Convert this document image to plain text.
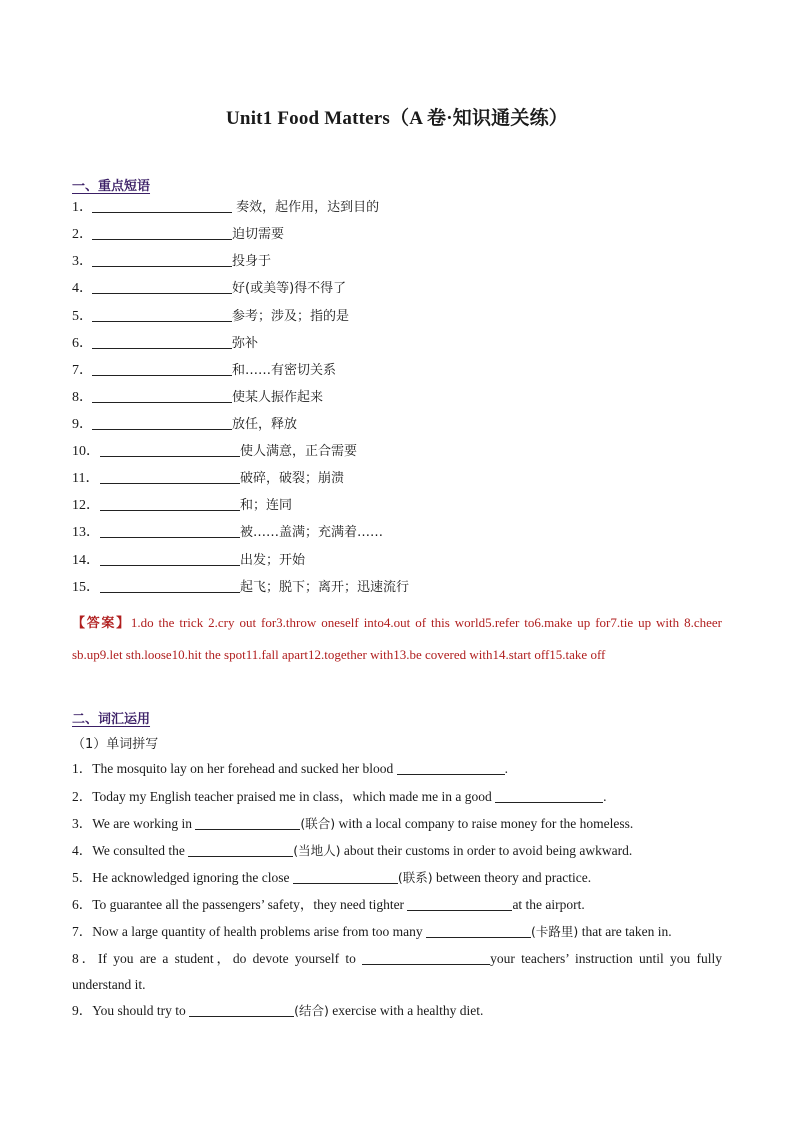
Unit1 Food Matters（A 卷·知识通关练）
一、重点短语
1．	奏效，起作用，达到目的
2．	迫切需要
3．	投身于
4．	好(或美等)得不得了
5．	参考；涉及；指的是
6．	弥补
7．	和……有密切关系
8．	使某人振作起来
9．	放任，释放
10．	使人满意，正合需要
11．	破碎，破裂；崩溃
12．	和；连同
13．	被……盖满；充满着……
14．	出发；开始
15．	起飞；脱下；离开；迅速流行
【答案】1.do the trick 2.cry out for3.throw oneself into4.out of this world5.refer to6.make up for7.tie up with 8.cheer sb.up9.let sth.loose10.hit the spot11.fall apart12.together with13.be covered with14.start off15.take off
二、词汇运用
（1）单词拼写
1．The mosquito lay on her forehead and sucked her blood	.
2．Today my English teacher praised me in class，which made me in a good	.
3．We are working in	(联合) with a local company to raise money for the homeless.
4．We consulted the	(当地人) about their customs in order to avoid being awkward.
5．He acknowledged ignoring the close	(联系) between theory and practice.
6．To guarantee all the passengers’ safety，they need tighter	at the airport.
7．Now a large quantity of health problems arise from too many	(卡路里) that are taken in.
8．If you are a student，do devote yourself to	your teachers’ instruction until you fully understand it.
9．You should try to	(结合) exercise with a healthy diet.
